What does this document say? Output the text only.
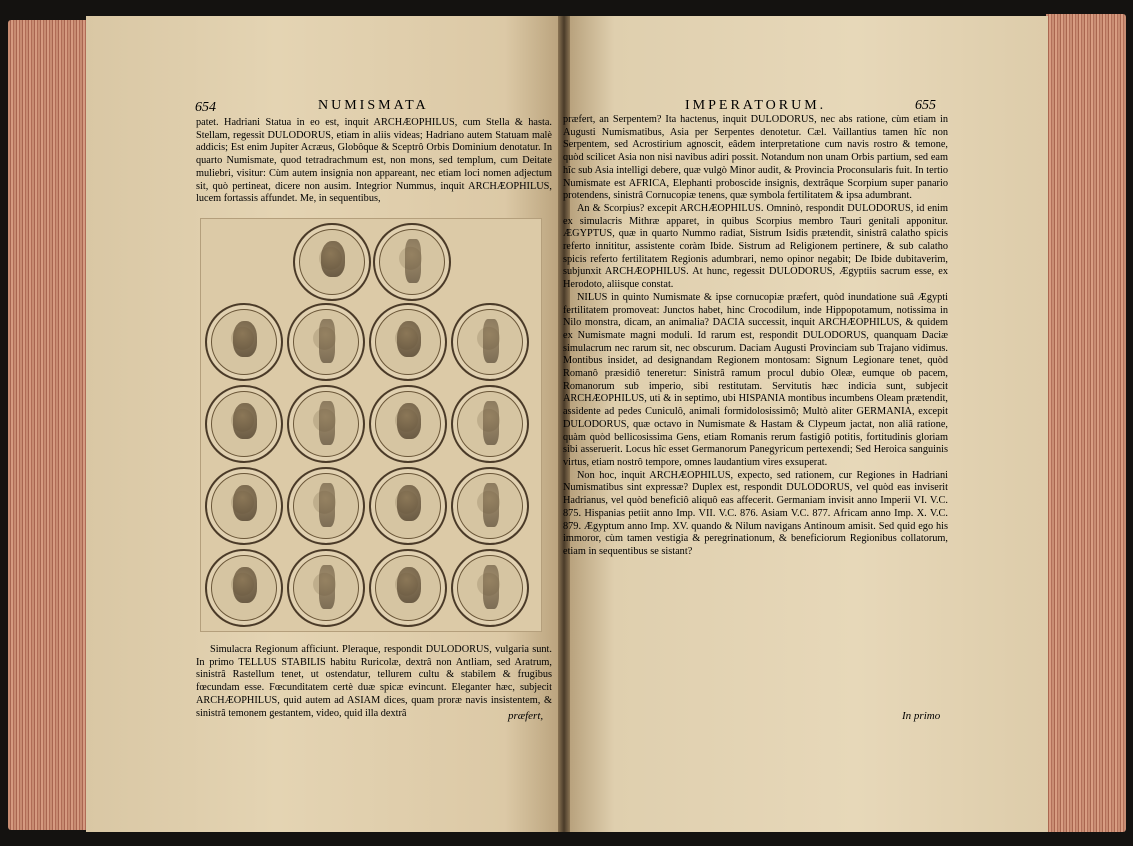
654	NUMISMATA

patet. Hadriani Statua in eo est, inquit ARCHÆOPHILUS, cum Stella & hasta. Stellam, regessit DULODORUS, etiam in aliis videas; Hadriano autem Statuam malè addicis; Est enim Jupiter Acræus, Globôque & Sceptrô Orbis Dominium denotatur. In quarto Numismate, quod tetradrachmum est, non mons, sed templum, cum Deitate muliebri, visitur: Cùm autem insignia non appareant, nec etiam loci nomen adjectum sit, quò pertineat, dicere non ausim. Integrior Nummus, inquit ARCHÆOPHILUS, lucem fortassis affundet. Me, in sequentibus,

Simulacra Regionum afficiunt. Pleraque, respondit DULODORUS, vulgaria sunt. In primo TELLUS STABILIS habitu Ruricolæ, dextrâ non Antliam, sed Aratrum, sinistrâ Rastellum tenet, ut ostendatur, tellurem cultu & stabilem & frugibus fœcundam esse. Fœcunditatem certè duæ spicæ evincunt. Eleganter hæc, subjecit ARCHÆOPHILUS, quid autem ad ASIAM dices, quam proræ navis insistentem, & sinistrâ temonem gestantem, video, quid illa dextrâ	præfert,
IMPERATORUM.	655

præfert, an Serpentem? Ita hactenus, inquit DULODORUS, nec abs ratione, cùm etiam in Augusti Numismatibus, Asia per Serpentes denotetur. Cæl. Vaillantius tamen hîc non Serpentem, sed Acrostirium agnoscit, eâdem interpretatione cum navis rostro & temone, quòd scilicet Asia non nisi navibus adiri possit. Notandum non unam Orbis partium, sed eam hîc sub Asia intelligi debere, quæ vulgò Minor audit, & Provincia Proconsularis fuit. In tertio Numismate est AFRICA, Elephanti proboscide insignis, dextrâque Scorpium super panario protendens, sinistrâ Cornucopiæ tenens, quæ symbola fertilitatem & ipsa adumbrant.

An & Scorpius? excepit ARCHÆOPHILUS. Omninò, respondit DULODORUS, id enim ex simulacris Mithræ apparet, in quibus Scorpius membro Tauri genitali apponitur. ÆGYPTUS, quæ in quarto Nummo radiat, Sistrum Isidis prætendit, sinistrâ calatho spicis referto innititur, assistente coràm Ibide. Sistrum ad Religionem pertinere, & sub calatho spicis referto fertilitatem Regionis adumbrari, nemo opinor negabit; De Ibide dubitaverim, subjunxit ARCHÆOPHILUS. At hunc, regessit DULODORUS, Ægyptiis sacrum esse, ex Herodoto, aliisque constat.

NILUS in quinto Numismate & ipse cornucopiæ præfert, quòd inundatione suâ Ægypti fertilitatem promoveat: Junctos habet, hinc Crocodilum, inde Hippopotamum, notissima in Nilo monstra, dicam, an animalia? DACIA successit, inquit ARCHÆOPHILUS, & quidem ex Numismate magni moduli. Id rarum est, respondit DULODORUS, quanquam Daciæ simulacrum nec rarum sit, nec obscurum. Daciam Augusti Provinciam sub Trajano vidimus. Montibus insidet, ad designandam Regionem montosam: Signum Legionare tenet, quòd Romanô præsidiô teneretur: Sinistrâ ramum procul dubio Oleæ, eumque ob pacem, Romanorum sub imperio, sibi restitutam. Servitutis hæc indicia sunt, subjecit ARCHÆOPHILUS, uti & in septimo, ubi HISPANIA montibus incumbens Oleam prætendit, assidente ad pedes Cuniculô, animali formidolosissimô; Multò aliter GERMANIA, excepit DULODORUS, quæ octavo in Numismate & Hastam & Clypeum jactat, non aliâ ratione, quàm quòd bellicosissima Gens, etiam Romanis rerum fastigiô potitis, fortitudinis gloriam sibi asseruerit. Locus hîc esset Germanorum Panegyricum pertexendi; Sed Heroica sanguinis virtus, etiam nostrô tempore, omnes laudantium vires exsuperat.

Non hoc, inquit ARCHÆOPHILUS, expecto, sed rationem, cur Regiones in Hadriani Numismatibus sint expressæ? Duplex est, respondit DULODORUS, vel quòd eas inviserit Hadrianus, vel quòd beneficiô aliquô eas affecerit. Germaniam invisit anno Imperii VI. V.C. 875. Hispanias petiit anno Imp. VII. V.C. 876. Asiam V.C. 877. Africam anno Imp. X. V.C. 879. Ægyptum anno Imp. XV. quando & Nilum navigans Antinoum amisit. Sed quid ego his immoror, cùm tamen vestigia & peregrinationum, & beneficiorum Regionibus collatorum, etiam in sequentibus se sistant?

In primo
